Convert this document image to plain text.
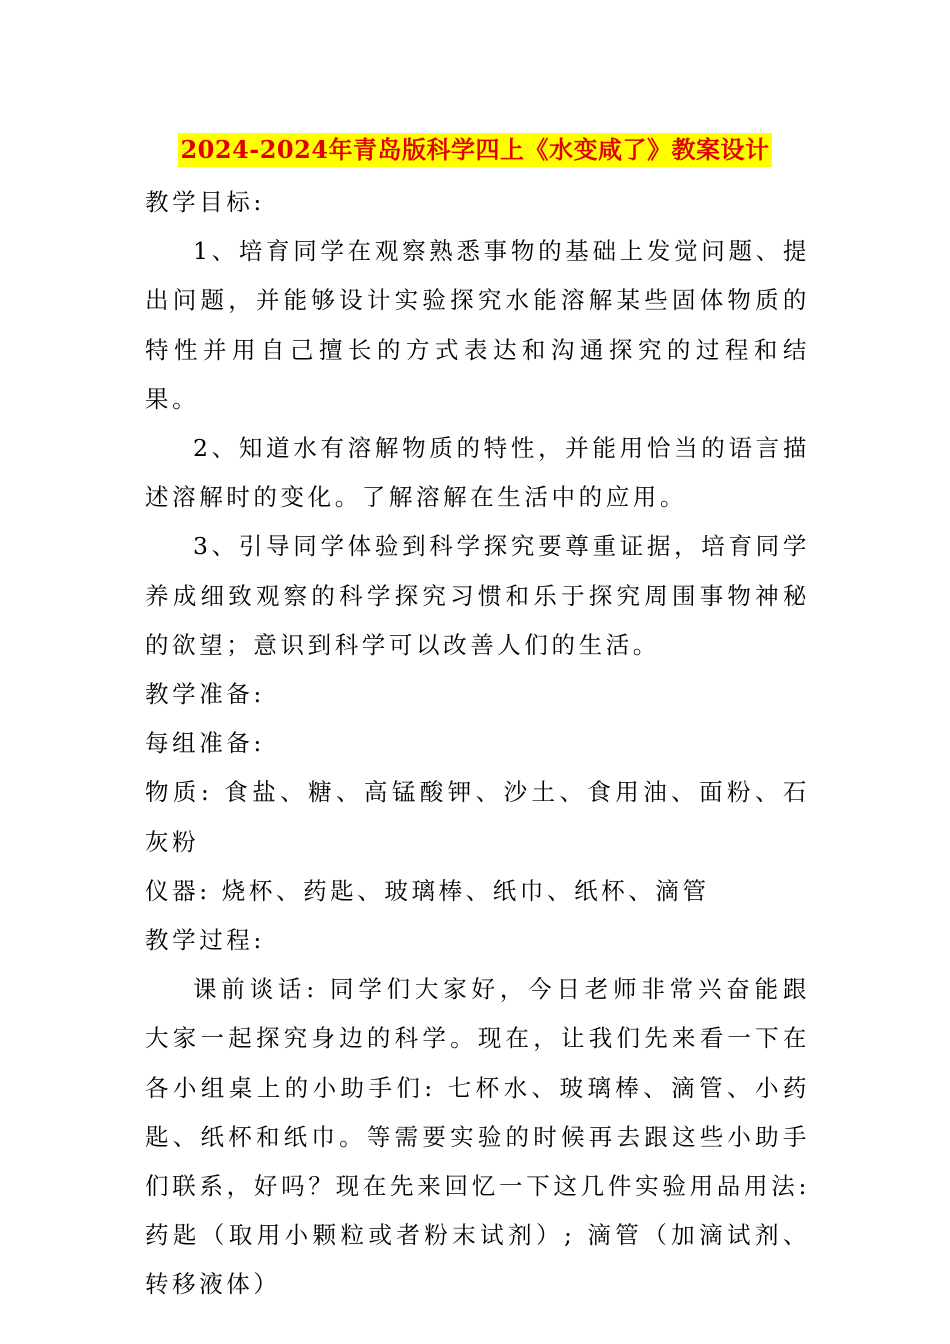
2024-2024年青岛版科学四上《水变咸了》教案设计

教学目标:

1、培育同学在观察熟悉事物的基础上发觉问题、提出问题，并能够设计实验探究水能溶解某些固体物质的特性并用自己擅长的方式表达和沟通探究的过程和结果。

2、知道水有溶解物质的特性，并能用恰当的语言描述溶解时的变化。了解溶解在生活中的应用。

3、引导同学体验到科学探究要尊重证据，培育同学养成细致观察的科学探究习惯和乐于探究周围事物神秘的欲望；意识到科学可以改善人们的生活。

教学准备:

每组准备:

物质: 食盐、糖、高锰酸钾、沙土、食用油、面粉、石灰粉

仪器: 烧杯、药匙、玻璃棒、纸巾、纸杯、滴管

教学过程:

课前谈话: 同学们大家好，今日老师非常兴奋能跟大家一起探究身边的科学。现在，让我们先来看一下在各小组桌上的小助手们: 七杯水、玻璃棒、滴管、小药匙、纸杯和纸巾。等需要实验的时候再去跟这些小助手们联系，好吗？现在先来回忆一下这几件实验用品用法: 药匙（取用小颗粒或者粉末试剂）; 滴管（加滴试剂、转移液体）
